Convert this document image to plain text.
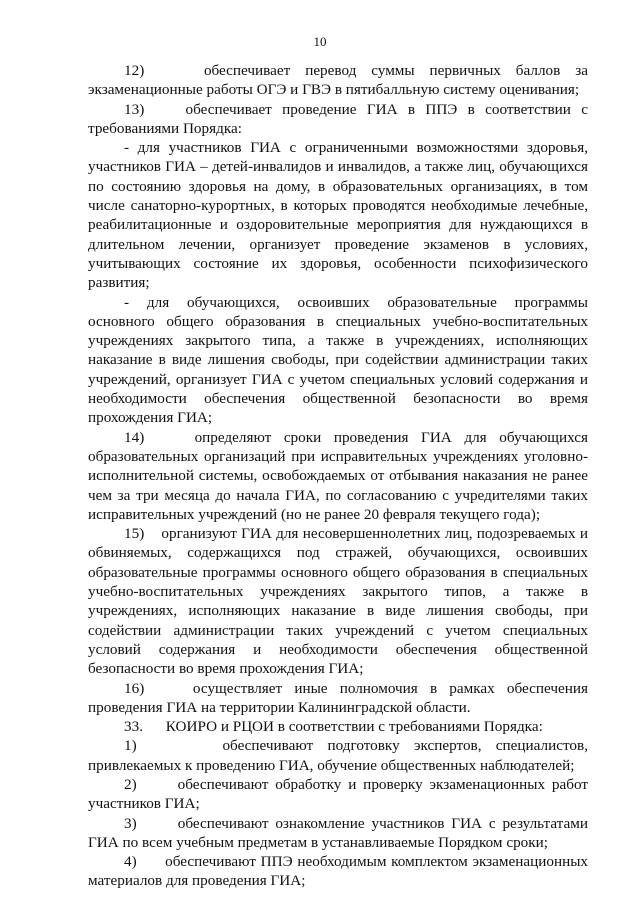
10

12)    обеспечивает перевод суммы первичных баллов за экзаменационные работы ОГЭ и ГВЭ в пятибалльную систему оценивания;

13)    обеспечивает проведение ГИА в ППЭ в соответствии с требованиями Порядка:

- для участников ГИА с ограниченными возможностями здоровья, участников ГИА – детей-инвалидов и инвалидов, а также лиц, обучающихся по состоянию здоровья на дому, в образовательных организациях, в том числе санаторно-курортных, в которых проводятся необходимые лечебные, реабилитационные и оздоровительные мероприятия для нуждающихся в длительном лечении, организует проведение экзаменов в условиях, учитывающих состояние их здоровья, особенности психофизического развития;

- для обучающихся, освоивших образовательные программы основного общего образования в специальных учебно-воспитательных учреждениях закрытого типа, а также в учреждениях, исполняющих наказание в виде лишения свободы, при содействии администрации таких учреждений, организует ГИА с учетом специальных условий содержания и необходимости обеспечения общественной безопасности во время прохождения ГИА;

14)    определяют сроки проведения ГИА для обучающихся образовательных организаций при исправительных учреждениях уголовно-исполнительной системы, освобождаемых от отбывания наказания не ранее чем за три месяца до начала ГИА, по согласованию с учредителями таких исправительных учреждений (но не ранее 20 февраля текущего года);

15)    организуют ГИА для несовершеннолетних лиц, подозреваемых и обвиняемых, содержащихся под стражей, обучающихся, освоивших образовательные программы основного общего образования в специальных учебно-воспитательных учреждениях закрытого типов, а также в учреждениях, исполняющих наказание в виде лишения свободы, при содействии администрации таких учреждений с учетом специальных условий содержания и необходимости обеспечения общественной безопасности во время прохождения ГИА;

16)    осуществляет иные полномочия в рамках обеспечения проведения ГИА на территории Калининградской области.

33.      КОИРО и РЦОИ в соответствии с требованиями Порядка:

1)      обеспечивают подготовку экспертов, специалистов, привлекаемых к проведению ГИА, обучение общественных наблюдателей;

2)      обеспечивают обработку и проверку экзаменационных работ участников ГИА;

3)      обеспечивают ознакомление участников ГИА с результатами ГИА по всем учебным предметам в устанавливаемые Порядком сроки;

4)      обеспечивают ППЭ необходимым комплектом экзаменационных материалов для проведения ГИА;
